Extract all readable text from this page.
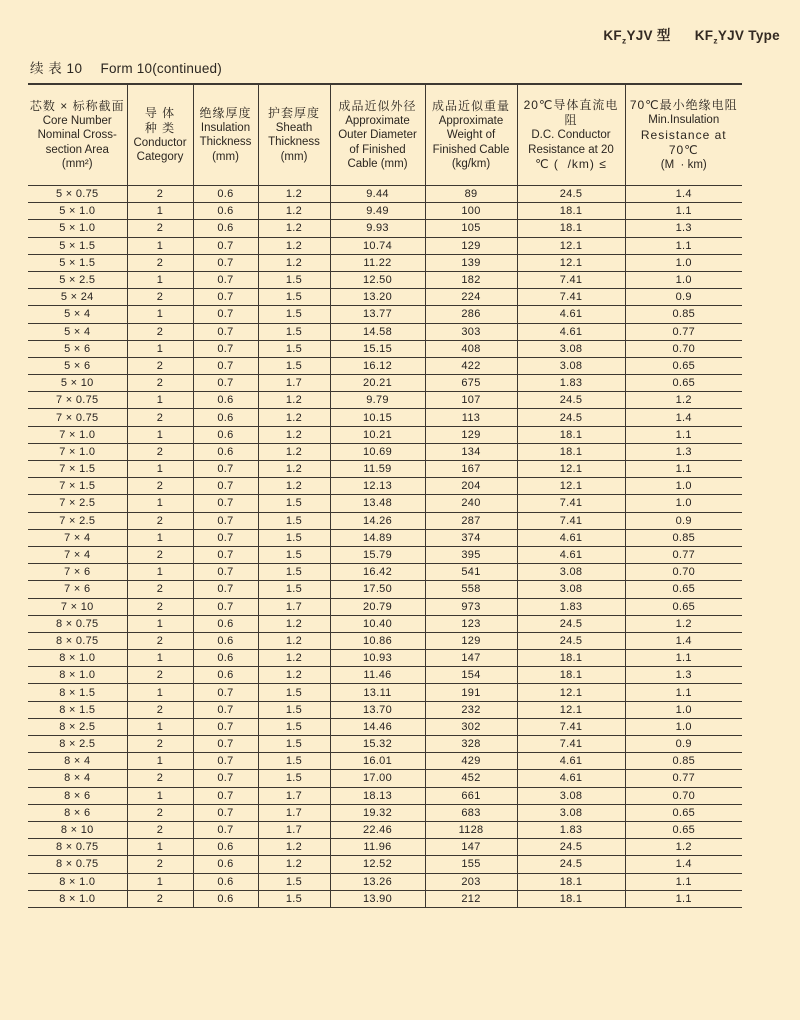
$KF_zYJV$ 型 $KF_zYJV$ Type
续 表 10 Form 10(continued)
芯数 × 标称截面
Core Number
Nominal Cross-
section Area
(mm²)

导 体
种 类
Conductor
Category

绝缘厚度
Insulation
Thickness
(mm)

护套厚度
Sheath
Thickness
(mm)

成品近似外径
Approximate
Outer Diameter
of Finished
Cable (mm)

成品近似重量
Approximate
Weight of
Finished Cable
(kg/km)

20℃导体直流电阻
D.C. Conductor
Resistance at 20
℃ (  /km) ≤

70℃最小绝缘电阻
Min.Insulation
Resistance at 70℃
(M  · km)

5 × 0.75	2	0.6	1.2	9.44	89	24.5	1.4
5 × 1.0	1	0.6	1.2	9.49	100	18.1	1.1
5 × 1.0	2	0.6	1.2	9.93	105	18.1	1.3
5 × 1.5	1	0.7	1.2	10.74	129	12.1	1.1
5 × 1.5	2	0.7	1.2	11.22	139	12.1	1.0
5 × 2.5	1	0.7	1.5	12.50	182	7.41	1.0
5 × 24	2	0.7	1.5	13.20	224	7.41	0.9
5 × 4	1	0.7	1.5	13.77	286	4.61	0.85
5 × 4	2	0.7	1.5	14.58	303	4.61	0.77
5 × 6	1	0.7	1.5	15.15	408	3.08	0.70
5 × 6	2	0.7	1.5	16.12	422	3.08	0.65
5 × 10	2	0.7	1.7	20.21	675	1.83	0.65
7 × 0.75	1	0.6	1.2	9.79	107	24.5	1.2
7 × 0.75	2	0.6	1.2	10.15	113	24.5	1.4
7 × 1.0	1	0.6	1.2	10.21	129	18.1	1.1
7 × 1.0	2	0.6	1.2	10.69	134	18.1	1.3
7 × 1.5	1	0.7	1.2	11.59	167	12.1	1.1
7 × 1.5	2	0.7	1.2	12.13	204	12.1	1.0
7 × 2.5	1	0.7	1.5	13.48	240	7.41	1.0
7 × 2.5	2	0.7	1.5	14.26	287	7.41	0.9
7 × 4	1	0.7	1.5	14.89	374	4.61	0.85
7 × 4	2	0.7	1.5	15.79	395	4.61	0.77
7 × 6	1	0.7	1.5	16.42	541	3.08	0.70
7 × 6	2	0.7	1.5	17.50	558	3.08	0.65
7 × 10	2	0.7	1.7	20.79	973	1.83	0.65
8 × 0.75	1	0.6	1.2	10.40	123	24.5	1.2
8 × 0.75	2	0.6	1.2	10.86	129	24.5	1.4
8 × 1.0	1	0.6	1.2	10.93	147	18.1	1.1
8 × 1.0	2	0.6	1.2	11.46	154	18.1	1.3
8 × 1.5	1	0.7	1.5	13.11	191	12.1	1.1
8 × 1.5	2	0.7	1.5	13.70	232	12.1	1.0
8 × 2.5	1	0.7	1.5	14.46	302	7.41	1.0
8 × 2.5	2	0.7	1.5	15.32	328	7.41	0.9
8 × 4	1	0.7	1.5	16.01	429	4.61	0.85
8 × 4	2	0.7	1.5	17.00	452	4.61	0.77
8 × 6	1	0.7	1.7	18.13	661	3.08	0.70
8 × 6	2	0.7	1.7	19.32	683	3.08	0.65
8 × 10	2	0.7	1.7	22.46	1128	1.83	0.65
8 × 0.75	1	0.6	1.2	11.96	147	24.5	1.2
8 × 0.75	2	0.6	1.2	12.52	155	24.5	1.4
8 × 1.0	1	0.6	1.5	13.26	203	18.1	1.1
8 × 1.0	2	0.6	1.5	13.90	212	18.1	1.1
